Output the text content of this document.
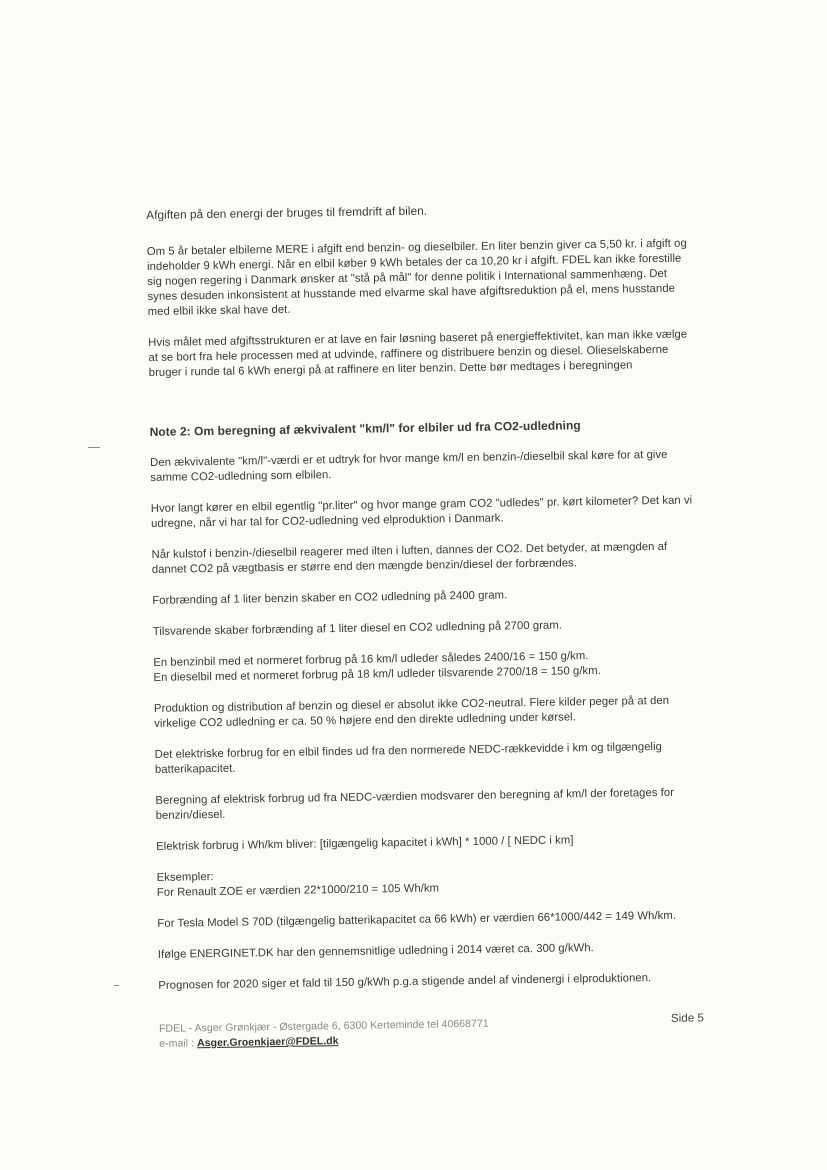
Afgiften på den energi der bruges til fremdrift af bilen.

Om 5 år betaler elbilerne MERE i afgift end benzin- og dieselbiler. En liter benzin giver ca 5,50 kr. i afgift og indeholder 9 kWh energi. Når en elbil køber 9 kWh betales der ca 10,20 kr i afgift. FDEL kan ikke forestille sig nogen regering i Danmark ønsker at "stå på mål" for denne politik i International sammenhæng. Det synes desuden inkonsistent at husstande med elvarme skal have afgiftsreduktion på el, mens husstande med elbil ikke skal have det.

Hvis målet med afgiftsstrukturen er at lave en fair løsning baseret på energieffektivitet, kan man ikke vælge at se bort fra hele processen med at udvinde, raffinere og distribuere benzin og diesel. Olieselskaberne bruger i runde tal 6 kWh energi på at raffinere en liter benzin. Dette bør medtages i beregningen

Note 2: Om beregning af ækvivalent "km/l" for elbiler ud fra CO2-udledning

Den ækvivalente "km/l"-værdi er et udtryk for hvor mange km/l en benzin-/dieselbil skal køre for at give samme CO2-udledning som elbilen.

Hvor langt kører en elbil egentlig "pr.liter" og hvor mange gram CO2 "udledes" pr. kørt kilometer? Det kan vi udregne, når vi har tal for CO2-udledning ved elproduktion i Danmark.

Når kulstof i benzin-/dieselbil reagerer med ilten i luften, dannes der CO2. Det betyder, at mængden af dannet CO2 på vægtbasis er større end den mængde benzin/diesel der forbrændes.

Forbrænding af 1 liter benzin skaber en CO2 udledning på 2400 gram.

Tilsvarende skaber forbrænding af 1 liter diesel en CO2 udledning på 2700 gram.

En benzinbil med et normeret forbrug på 16 km/l udleder således 2400/16 = 150 g/km.

En dieselbil med et normeret forbrug på 18 km/l udleder tilsvarende 2700/18 = 150 g/km.

Produktion og distribution af benzin og diesel er absolut ikke CO2-neutral. Flere kilder peger på at den virkelige CO2 udledning er ca. 50 % højere end den direkte udledning under kørsel.

Det elektriske forbrug for en elbil findes ud fra den normerede NEDC-rækkevidde i km og tilgængelig batterikapacitet.

Beregning af elektrisk forbrug ud fra NEDC-værdien modsvarer den beregning af km/l der foretages for benzin/diesel.

Elektrisk forbrug i Wh/km bliver: [tilgængelig kapacitet i kWh] * 1000 / [ NEDC i km]

Eksempler:

For Renault ZOE er værdien 22*1000/210 = 105 Wh/km

For Tesla Model S 70D (tilgængelig batterikapacitet ca 66 kWh) er værdien 66*1000/442 = 149 Wh/km.

Ifølge ENERGINET.DK har den gennemsnitlige udledning i 2014 været ca. 300 g/kWh.

Prognosen for 2020 siger et fald til 150 g/kWh p.g.a stigende andel af vindenergi i elproduktionen.

FDEL - Asger Grønkjær - Østergade 6, 6300 Kerteminde tel 40668771	Side 5

e-mail : Asger.Groenkjaer@FDEL.dk
